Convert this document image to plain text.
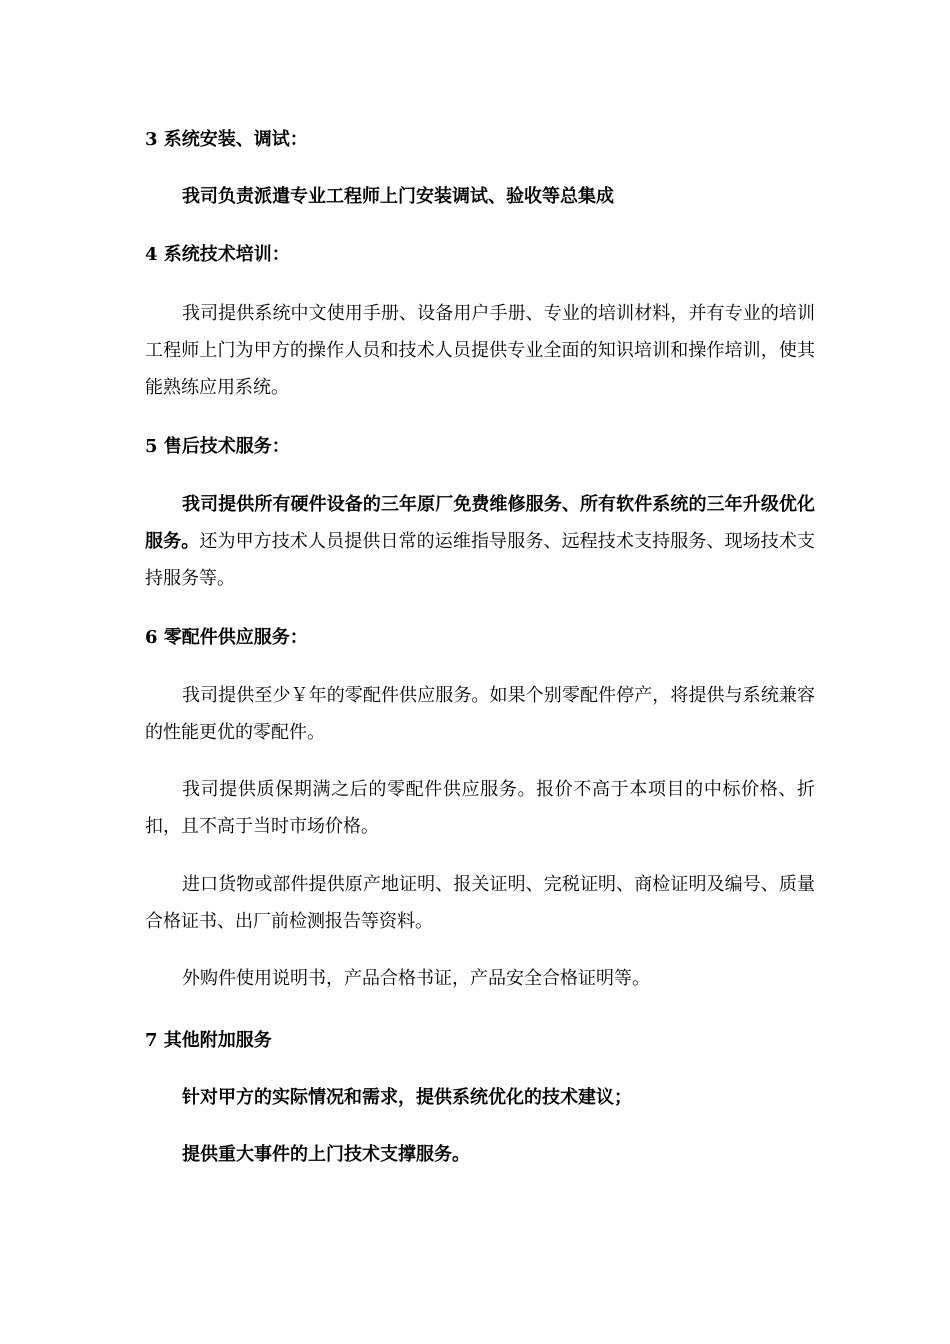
3 系统安装、调试：
我司负责派遣专业工程师上门安装调试、验收等总集成
4 系统技术培训：
我司提供系统中文使用手册、设备用户手册、专业的培训材料，并有专业的培训工程师上门为甲方的操作人员和技术人员提供专业全面的知识培训和操作培训，使其能熟练应用系统。
5 售后技术服务：
我司提供所有硬件设备的三年原厂免费维修服务、所有软件系统的三年升级优化服务。还为甲方技术人员提供日常的运维指导服务、远程技术支持服务、现场技术支持服务等。
6 零配件供应服务：
我司提供至少￥年的零配件供应服务。如果个别零配件停产，将提供与系统兼容的性能更优的零配件。
我司提供质保期满之后的零配件供应服务。报价不高于本项目的中标价格、折扣，且不高于当时市场价格。
进口货物或部件提供原产地证明、报关证明、完税证明、商检证明及编号、质量合格证书、出厂前检测报告等资料。
外购件使用说明书，产品合格书证，产品安全合格证明等。
7 其他附加服务
针对甲方的实际情况和需求，提供系统优化的技术建议；
提供重大事件的上门技术支撑服务。
